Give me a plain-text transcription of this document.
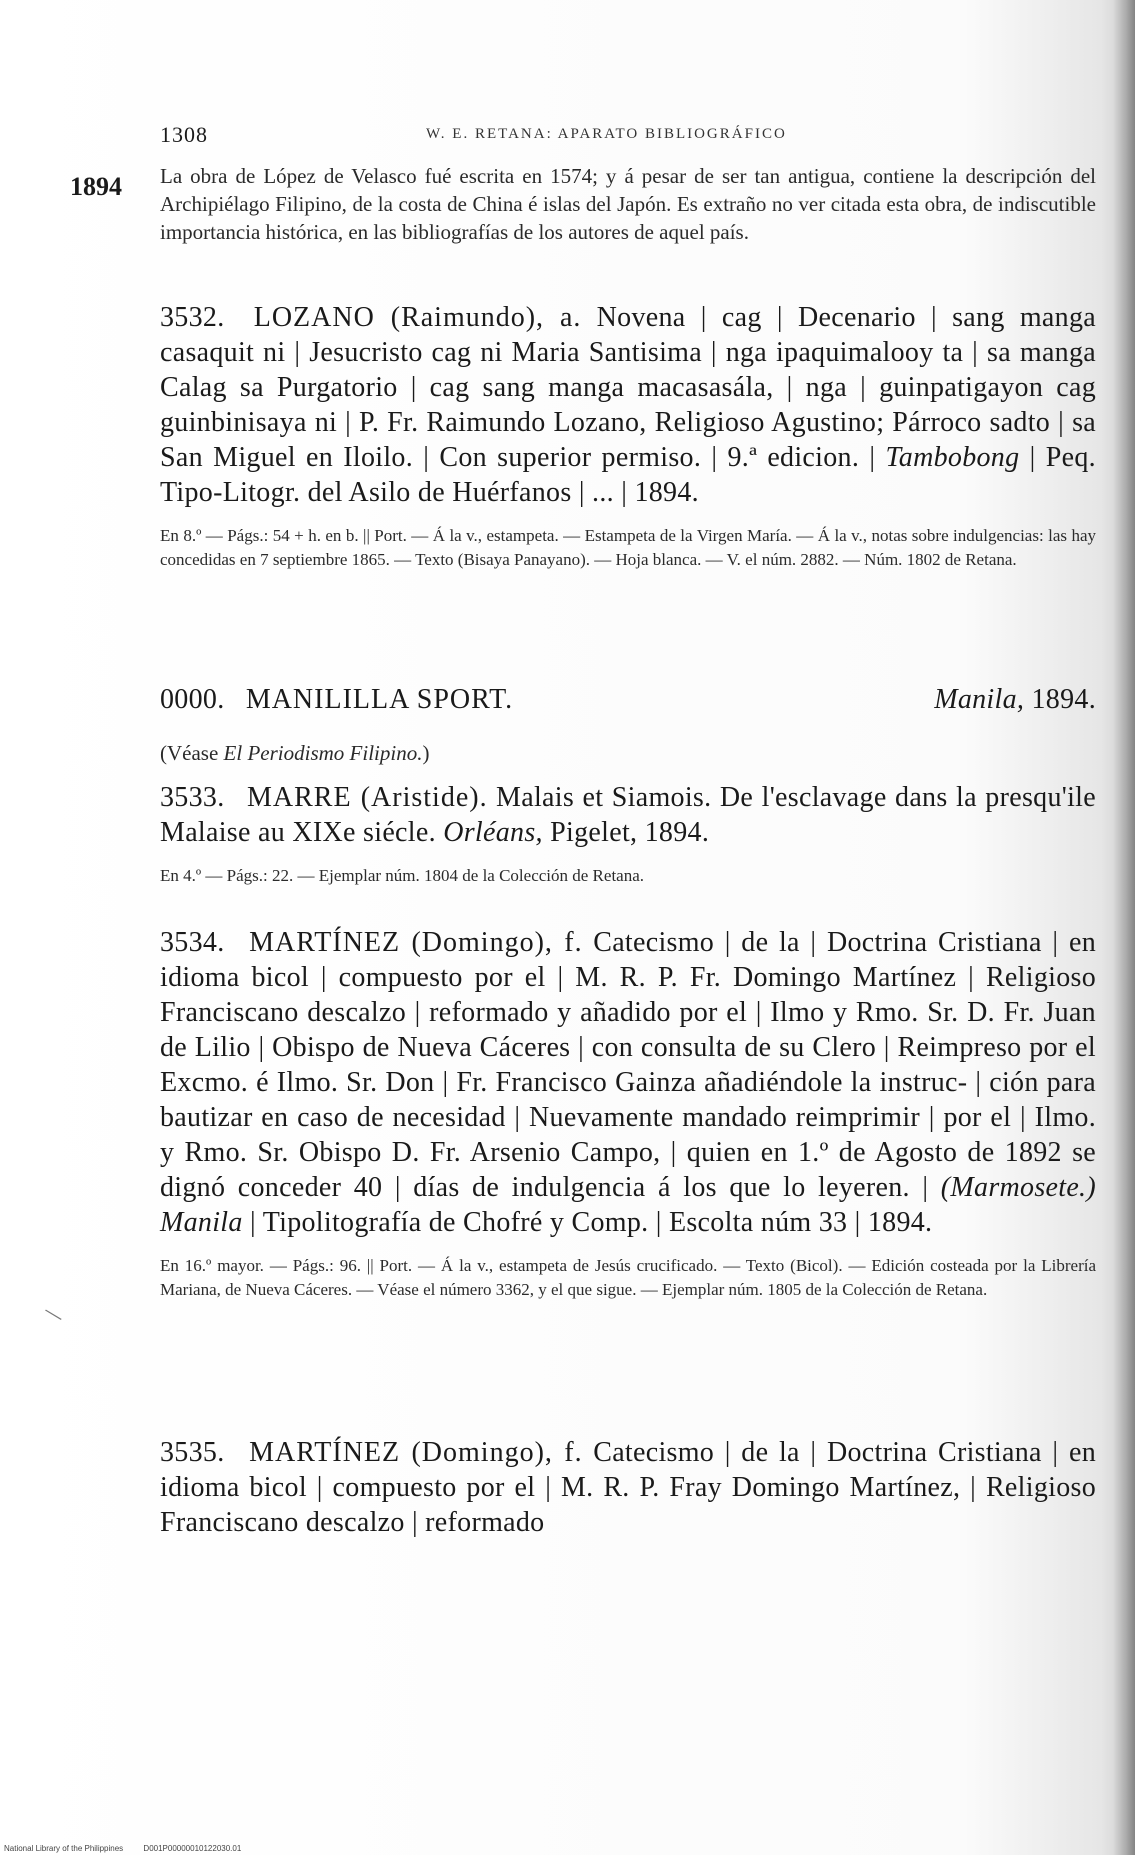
1308	W. E. RETANA: APARATO BIBLIOGRÁFICO
1894 La obra de López de Velasco fué escrita en 1574; y á pesar de ser tan antigua, contiene la descripción del Archipiélago Filipino, de la costa de China é islas del Japón. Es extraño no ver citada esta obra, de indiscutible importancia histórica, en las bibliografías de los autores de aquel país.
3532. LOZANO (Raimundo), a. Novena | cag | Decenario | sang manga casaquit ni | Jesucristo cag ni Maria Santisima | nga ipaquimalooy ta | sa manga Calag sa Purgatorio | cag sang manga macasasála, | nga | guinpatigayon cag guinbinisaya ni | P. Fr. Raimundo Lozano, Religioso Agustino; Párroco sadto | sa San Miguel en Iloilo. | Con superior permiso. | 9.ª edicion. | Tambobong | Peq. Tipo-Litogr. del Asilo de Huérfanos | ... | 1894.
En 8.º — Págs.: 54 + h. en b. || Port. — Á la v., estampeta. — Estampeta de la Virgen María. — Á la v., notas sobre indulgencias: las hay concedidas en 7 septiembre 1865. — Texto (Bisaya Panayano). — Hoja blanca. — V. el núm. 2882. — Núm. 1802 de Retana.
0000. MANILILLA SPORT.	Manila, 1894.
(Véase El Periodismo Filipino.)
3533. MARRE (Aristide). Malais et Siamois. De l'esclavage dans la presqu'ile Malaise au XIXe siécle. Orléans, Pigelet, 1894.
En 4.º — Págs.: 22. — Ejemplar núm. 1804 de la Colección de Retana.
3534. MARTÍNEZ (Domingo), f. Catecismo | de la | Doctrina Cristiana | en idioma bicol | compuesto por el | M. R. P. Fr. Domingo Martínez | Religioso Franciscano descalzo | reformado y añadido por el | Ilmo y Rmo. Sr. D. Fr. Juan de Lilio | Obispo de Nueva Cáceres | con consulta de su Clero | Reimpreso por el Excmo. é Ilmo. Sr. Don | Fr. Francisco Gainza añadiéndole la instruc- | ción para bautizar en caso de necesidad | Nuevamente mandado reimprimir | por el | Ilmo. y Rmo. Sr. Obispo D. Fr. Arsenio Campo, | quien en 1.º de Agosto de 1892 se dignó conceder 40 | días de indulgencia á los que lo leyeren. | (Marmosete.) Manila | Tipolitografía de Chofré y Comp. | Escolta núm 33 | 1894.
En 16.º mayor. — Págs.: 96. || Port. — Á la v., estampeta de Jesús crucificado. — Texto (Bicol). — Edición costeada por la Librería Mariana, de Nueva Cáceres. — Véase el número 3362, y el que sigue. — Ejemplar núm. 1805 de la Colección de Retana.
3535. MARTÍNEZ (Domingo), f. Catecismo | de la | Doctrina Cristiana | en idioma bicol | compuesto por el | M. R. P. Fray Domingo Martínez, | Religioso Franciscano descalzo | reformado
\
National Library of the Philippines	D001P00000010122030.01
